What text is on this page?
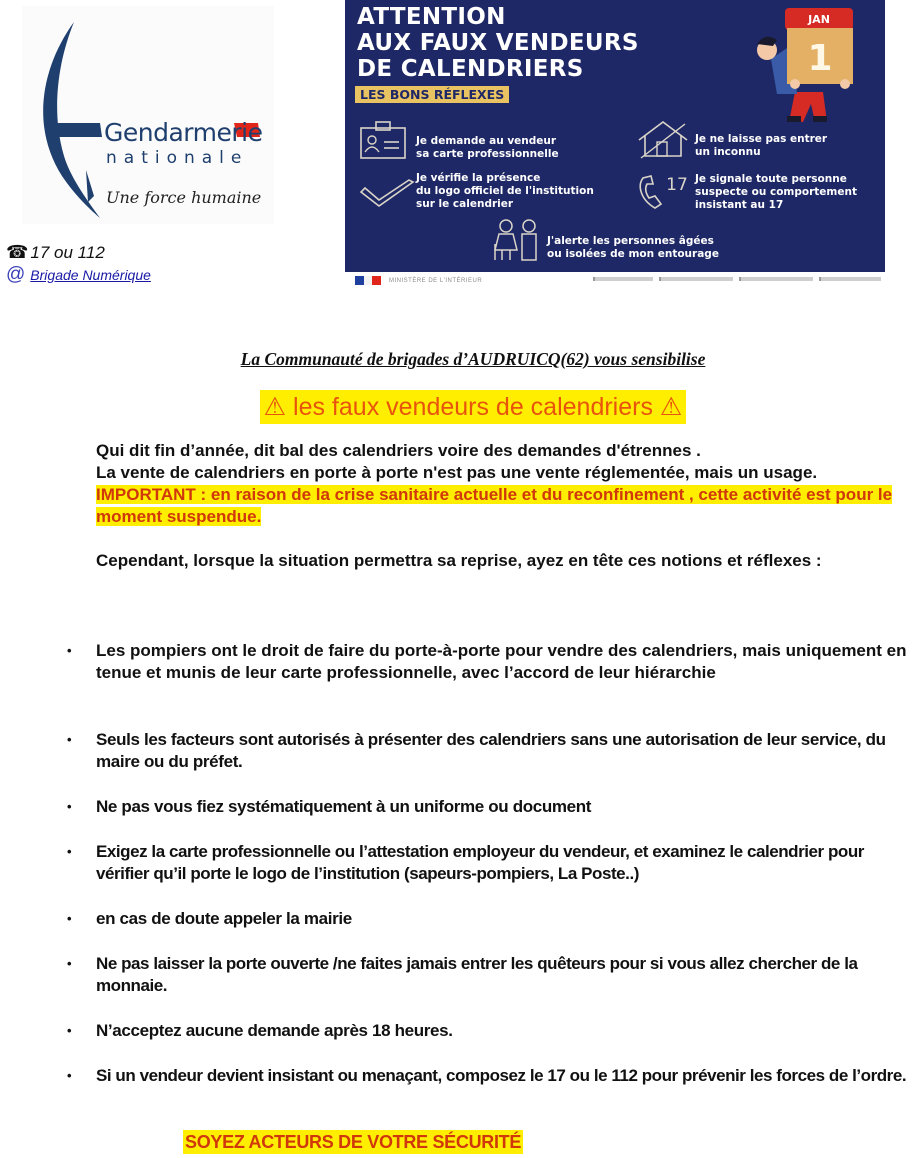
Gendarmerie
nationale
Une force humaine
☎ 17 ou 112
@ Brigade Numérique
ATTENTION
AUX FAUX VENDEURS
DE CALENDRIERS
LES BONS RÉFLEXES
JAN
1
Je demande au vendeur
sa carte professionnelle
Je ne laisse pas entrer
un inconnu
Je vérifie la présence
du logo officiel de l'institution
sur le calendrier
17 Je signale toute personne
suspecte ou comportement
insistant au 17
J'alerte les personnes âgées
ou isolées de mon entourage
MINISTÈRE DE L'INTÉRIEUR
La Communauté de brigades d’AUDRUICQ(62) vous sensibilise
⚠ les faux vendeurs de calendriers ⚠

Qui dit fin d’année, dit bal des calendriers voire des demandes d'étrennes .

La vente de calendriers en porte à porte n'est pas une vente réglementée, mais un usage.

IMPORTANT : en raison de la crise sanitaire actuelle et du reconfinement , cette activité est pour le moment suspendue.

Cependant, lorsque la situation permettra sa reprise, ayez en tête ces notions et réflexes :

• Les pompiers ont le droit de faire du porte-à-porte pour vendre des calendriers, mais uniquement en tenue et munis de leur carte professionnelle, avec l’accord de leur hiérarchie
• Seuls les facteurs sont autorisés à présenter des calendriers sans une autorisation de leur service, du maire ou du préfet.
• Ne pas vous fiez systématiquement à un uniforme ou document
• Exigez la carte professionnelle ou l’attestation employeur du vendeur, et examinez le calendrier pour vérifier qu’il porte le logo de l’institution (sapeurs-pompiers, La Poste..)
• en cas de doute appeler la mairie
• Ne pas laisser la porte ouverte /ne faites jamais entrer les quêteurs pour si vous allez chercher de la monnaie.
• N’acceptez aucune demande après 18 heures.
• Si un vendeur devient insistant ou menaçant, composez le 17 ou le 112 pour prévenir les forces de l’ordre.
SOYEZ ACTEURS DE VOTRE SÉCURITÉ
